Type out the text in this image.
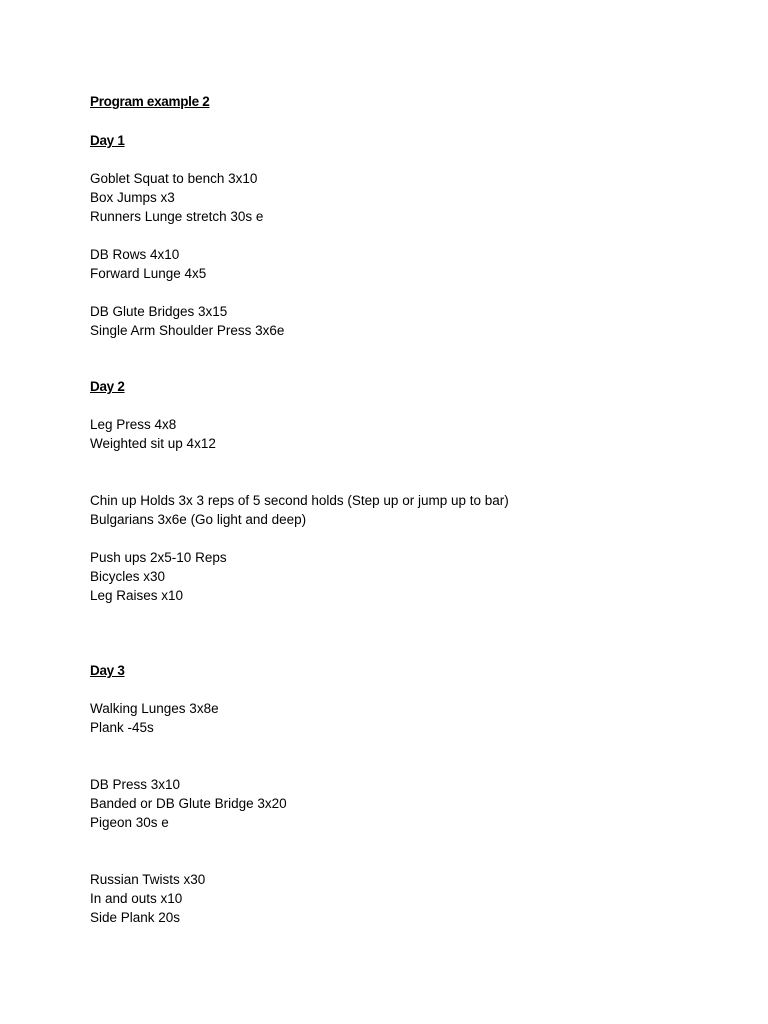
Program example 2
Day 1
Goblet Squat to bench 3x10
Box Jumps x3
Runners Lunge stretch 30s e
DB Rows 4x10
Forward Lunge 4x5
DB Glute Bridges 3x15
Single Arm Shoulder Press 3x6e
Day 2
Leg Press 4x8
Weighted sit up 4x12
Chin up Holds 3x 3 reps of 5 second holds (Step up or jump up to bar)
Bulgarians 3x6e (Go light and deep)
Push ups 2x5-10 Reps
Bicycles x30
Leg Raises x10
Day 3
Walking Lunges 3x8e
Plank -45s
DB Press 3x10
Banded or DB Glute Bridge 3x20
Pigeon 30s e
Russian Twists x30
In and outs x10
Side Plank 20s
